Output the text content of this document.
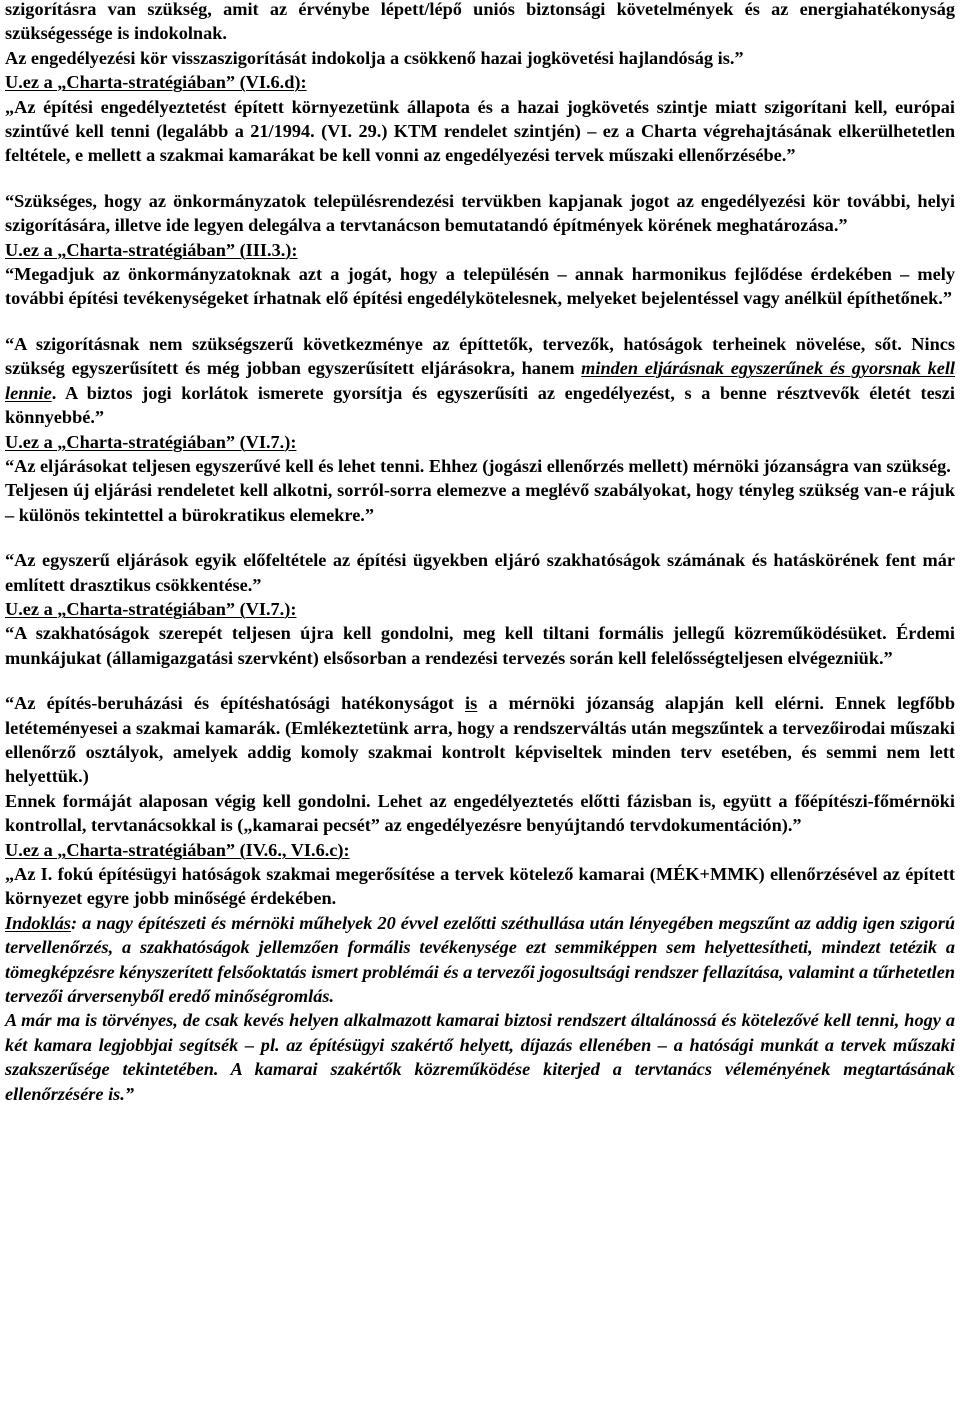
szigorításra van szükség, amit az érvénybe lépett/lépő uniós biztonsági követelmények és az energiahatékonyság szükségessége is indokolnak.
Az engedélyezési kör visszaszigorítását indokolja a csökkenő hazai jogkövetési hajlandóság is.”

U.ez a „Charta-stratégiában” (VI.6.d):

„Az építési engedélyeztetést épített környezetünk állapota és a hazai jogkövetés szintje miatt szigorítani kell, európai szintűvé kell tenni (legalább a 21/1994. (VI. 29.) KTM rendelet szintjén) – ez a Charta végrehajtásának elkerülhetetlen feltétele, e mellett a szakmai kamarákat be kell vonni az engedélyezési tervek műszaki ellenőrzésébe.”

“Szükséges, hogy az önkormányzatok településrendezési tervükben kapjanak jogot az engedélyezési kör további, helyi szigorítására, illetve ide legyen delegálva a tervtanácson bemutatandó építmények körének meghatározása.”

U.ez a „Charta-stratégiában” (III.3.):

“Megadjuk az önkormányzatoknak azt a jogát, hogy a településén – annak harmonikus fejlődése érdekében – mely további építési tevékenységeket írhatnak elő építési engedélykötelesnek, melyeket bejelentéssel vagy anélkül építhetőnek.”

“A szigorításnak nem szükségszerű következménye az építtetők, tervezők, hatóságok terheinek növelése, sőt. Nincs szükség egyszerűsített és még jobban egyszerűsített eljárásokra, hanem minden eljárásnak egyszerűnek és gyorsnak kell lennie. A biztos jogi korlátok ismerete gyorsítja és egyszerűsíti az engedélyezést, s a benne résztvevők életét teszi könnyebbé.”

U.ez a „Charta-stratégiában” (VI.7.):

“Az eljárásokat teljesen egyszerűvé kell és lehet tenni. Ehhez (jogászi ellenőrzés mellett) mérnöki józanságra van szükség.

Teljesen új eljárási rendeletet kell alkotni, sorról-sorra elemezve a meglévő szabályokat, hogy tényleg szükség van-e rájuk – különös tekintettel a bürokratikus elemekre.”

“Az egyszerű eljárások egyik előfeltétele az építési ügyekben eljáró szakhatóságok számának és hatáskörének fent már említett drasztikus csökkentése.”

U.ez a „Charta-stratégiában” (VI.7.):

“A szakhatóságok szerepét teljesen újra kell gondolni, meg kell tiltani formális jellegű közreműködésüket. Érdemi munkájukat (államigazgatási szervként) elsősorban a rendezési tervezés során kell felelősségteljesen elvégezniük.”

“Az építés-beruházási és építéshatósági hatékonyságot is a mérnöki józanság alapján kell elérni. Ennek legfőbb letéteményesei a szakmai kamarák. (Emlékeztetünk arra, hogy a rendszerváltás után megszűntek a tervezőirodai műszaki ellenőrző osztályok, amelyek addig komoly szakmai kontrolt képviseltek minden terv esetében, és semmi nem lett helyettük.)

Ennek formáját alaposan végig kell gondolni. Lehet az engedélyeztetés előtti fázisban is, együtt a főépítészi-főmérnöki kontrollal, tervtanácsokkal is („kamarai pecsét” az engedélyezésre benyújtandó tervdokumentáción).”

U.ez a „Charta-stratégiában” (IV.6., VI.6.c):

„Az I. fokú építésügyi hatóságok szakmai megerősítése a tervek kötelező kamarai (MÉK+MMK) ellenőrzésével az épített környezet egyre jobb minőségé érdekében.

Indoklás: a nagy építészeti és mérnöki műhelyek 20 évvel ezelőtti széthullása után lényegében megszűnt az addig igen szigorú tervellenőrzés, a szakhatóságok jellemzően formális tevékenysége ezt semmiképpen sem helyettesítheti, mindezt tetézik a tömegképzésre kényszerített felsőoktatás ismert problémái és a tervezői jogosultsági rendszer fellazítása, valamint a tűrhetetlen tervezői árversenyből eredő minőségromlás.

A már ma is törvényes, de csak kevés helyen alkalmazott kamarai biztosi rendszert általánossá és kötelezővé kell tenni, hogy a két kamara legjobbjai segítsék – pl. az építésügyi szakértő helyett, díjazás ellenében – a hatósági munkát a tervek műszaki szakszerűsége tekintetében. A kamarai szakértők közreműködése kiterjed a tervtanács véleményének megtartásának ellenőrzésére is.”
